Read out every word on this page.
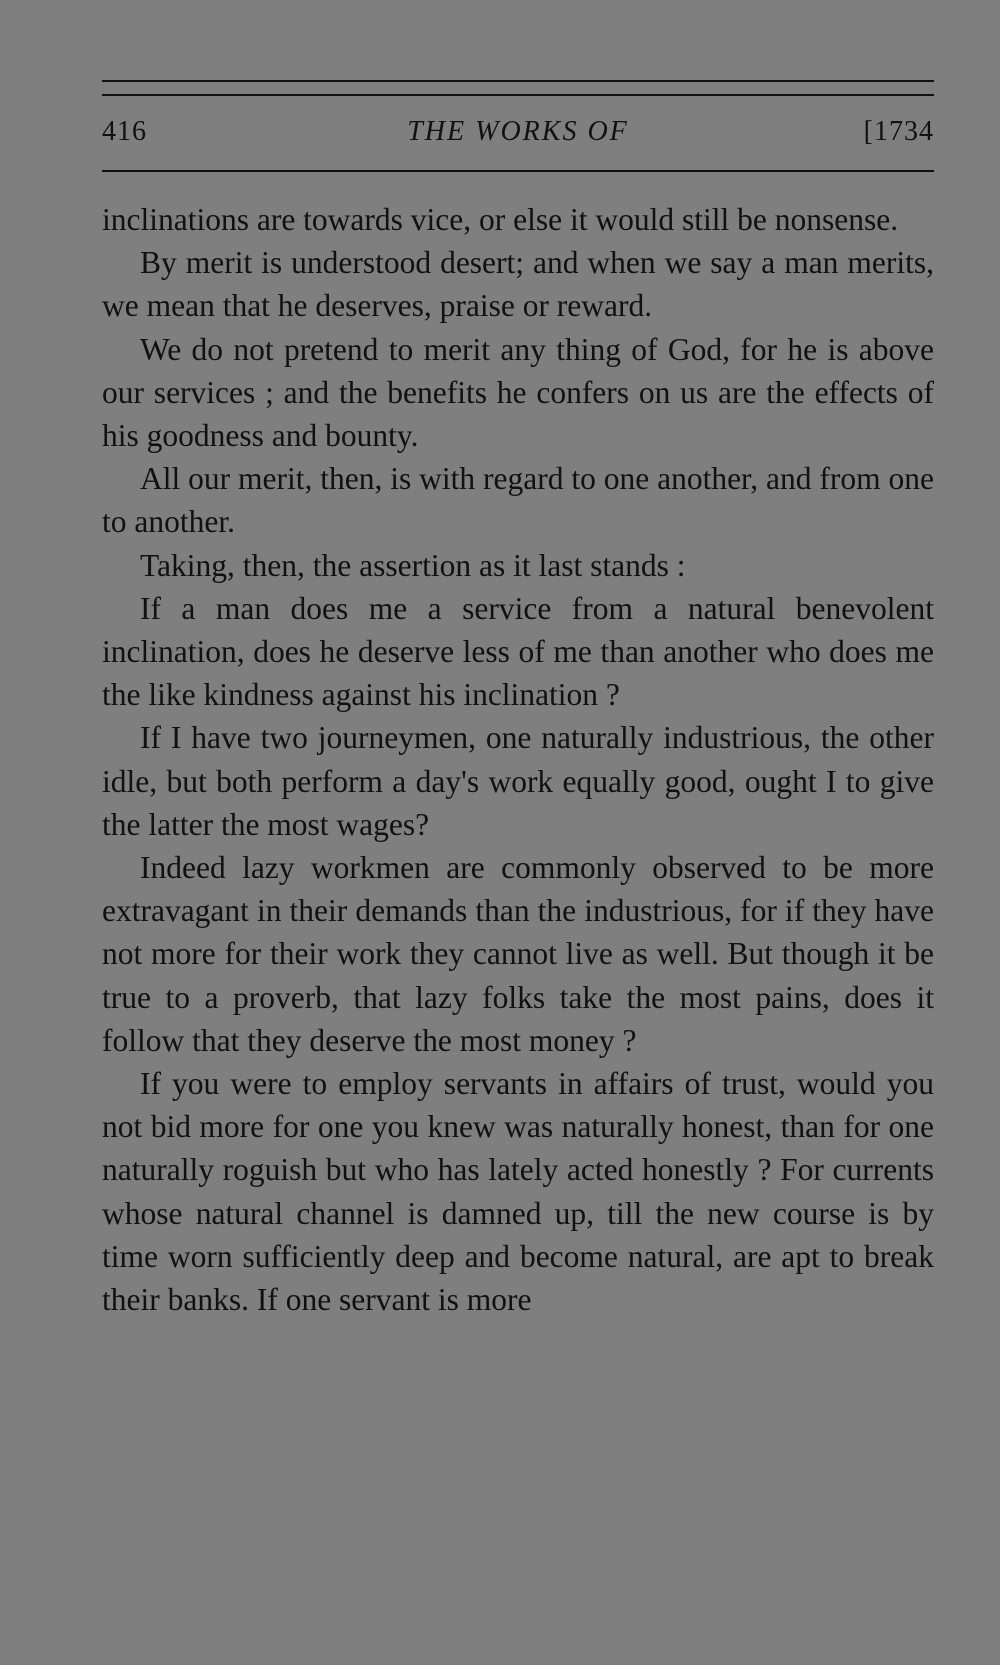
416	THE WORKS OF	[1734

inclinations are towards vice, or else it would still be nonsense.

By merit is understood desert; and when we say a man merits, we mean that he deserves, praise or reward.

We do not pretend to merit any thing of God, for he is above our services ; and the benefits he confers on us are the effects of his goodness and bounty.

All our merit, then, is with regard to one another, and from one to another.

Taking, then, the assertion as it last stands :

If a man does me a service from a natural benevolent inclination, does he deserve less of me than another who does me the like kindness against his inclination ?

If I have two journeymen, one naturally industrious, the other idle, but both perform a day's work equally good, ought I to give the latter the most wages?

Indeed lazy workmen are commonly observed to be more extravagant in their demands than the industrious, for if they have not more for their work they cannot live as well. But though it be true to a proverb, that lazy folks take the most pains, does it follow that they deserve the most money ?

If you were to employ servants in affairs of trust, would you not bid more for one you knew was naturally honest, than for one naturally roguish but who has lately acted honestly ? For currents whose natural channel is damned up, till the new course is by time worn sufficiently deep and become natural, are apt to break their banks. If one servant is more
